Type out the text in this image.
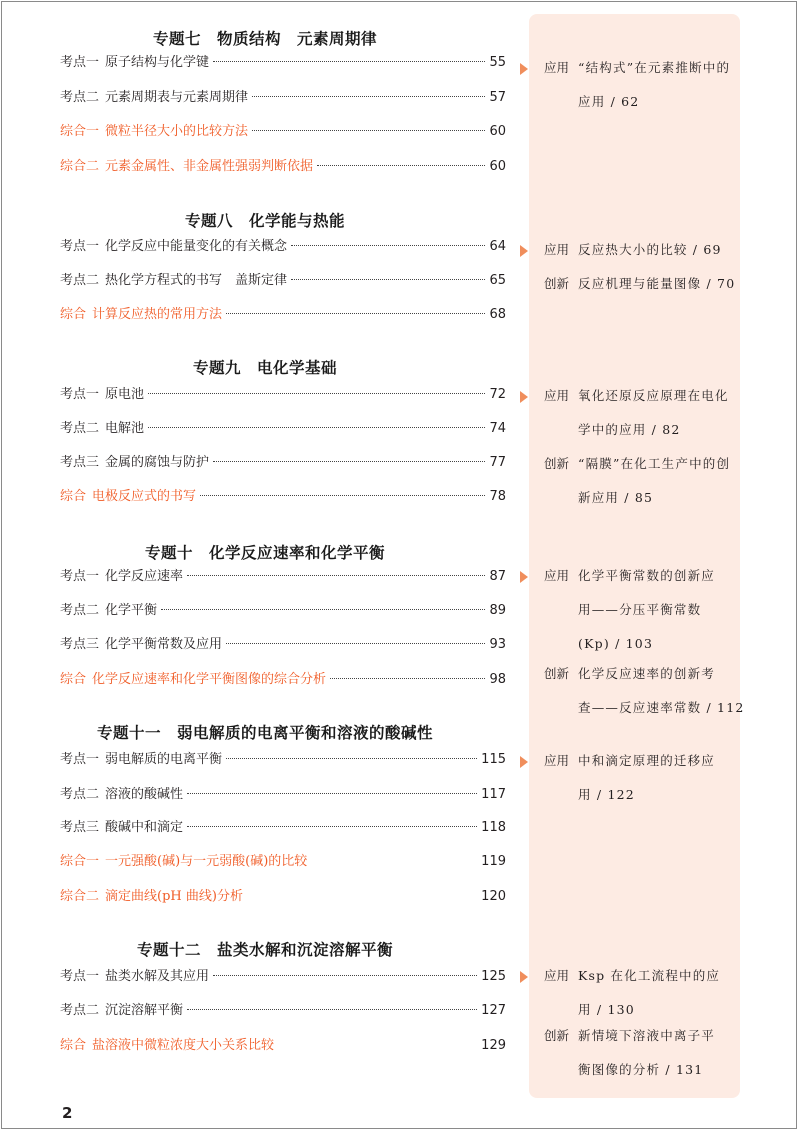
专题七　物质结构　元素周期律
考点一 原子结构与化学键	55
考点二 元素周期表与元素周期律	57
综合一 微粒半径大小的比较方法	60
综合二 元素金属性、非金属性强弱判断依据	60
应用 “结构式”在元素推断中的
应用 / 62
专题八　化学能与热能
考点一 化学反应中能量变化的有关概念	64
考点二 热化学方程式的书写　盖斯定律	65
综合 计算反应热的常用方法	68
应用 反应热大小的比较 / 69
创新 反应机理与能量图像 / 70
专题九　电化学基础
考点一 原电池	72
考点二 电解池	74
考点三 金属的腐蚀与防护	77
综合 电极反应式的书写	78
应用 氧化还原反应原理在电化
学中的应用 / 82
创新 “隔膜”在化工生产中的创
新应用 / 85
专题十　化学反应速率和化学平衡
考点一 化学反应速率	87
考点二 化学平衡	89
考点三 化学平衡常数及应用	93
综合 化学反应速率和化学平衡图像的综合分析	98
应用 化学平衡常数的创新应
用——分压平衡常数
(Kp) / 103
创新 化学反应速率的创新考
查——反应速率常数 / 112
专题十一　弱电解质的电离平衡和溶液的酸碱性
考点一 弱电解质的电离平衡	115
考点二 溶液的酸碱性	117
考点三 酸碱中和滴定	118
综合一 一元强酸(碱)与一元弱酸(碱)的比较	119
综合二 滴定曲线(pH 曲线)分析	120
应用 中和滴定原理的迁移应
用 / 122
专题十二　盐类水解和沉淀溶解平衡
考点一 盐类水解及其应用	125
考点二 沉淀溶解平衡	127
综合 盐溶液中微粒浓度大小关系比较	129
应用 Ksp 在化工流程中的应
用 / 130
创新 新情境下溶液中离子平
衡图像的分析 / 131
2
